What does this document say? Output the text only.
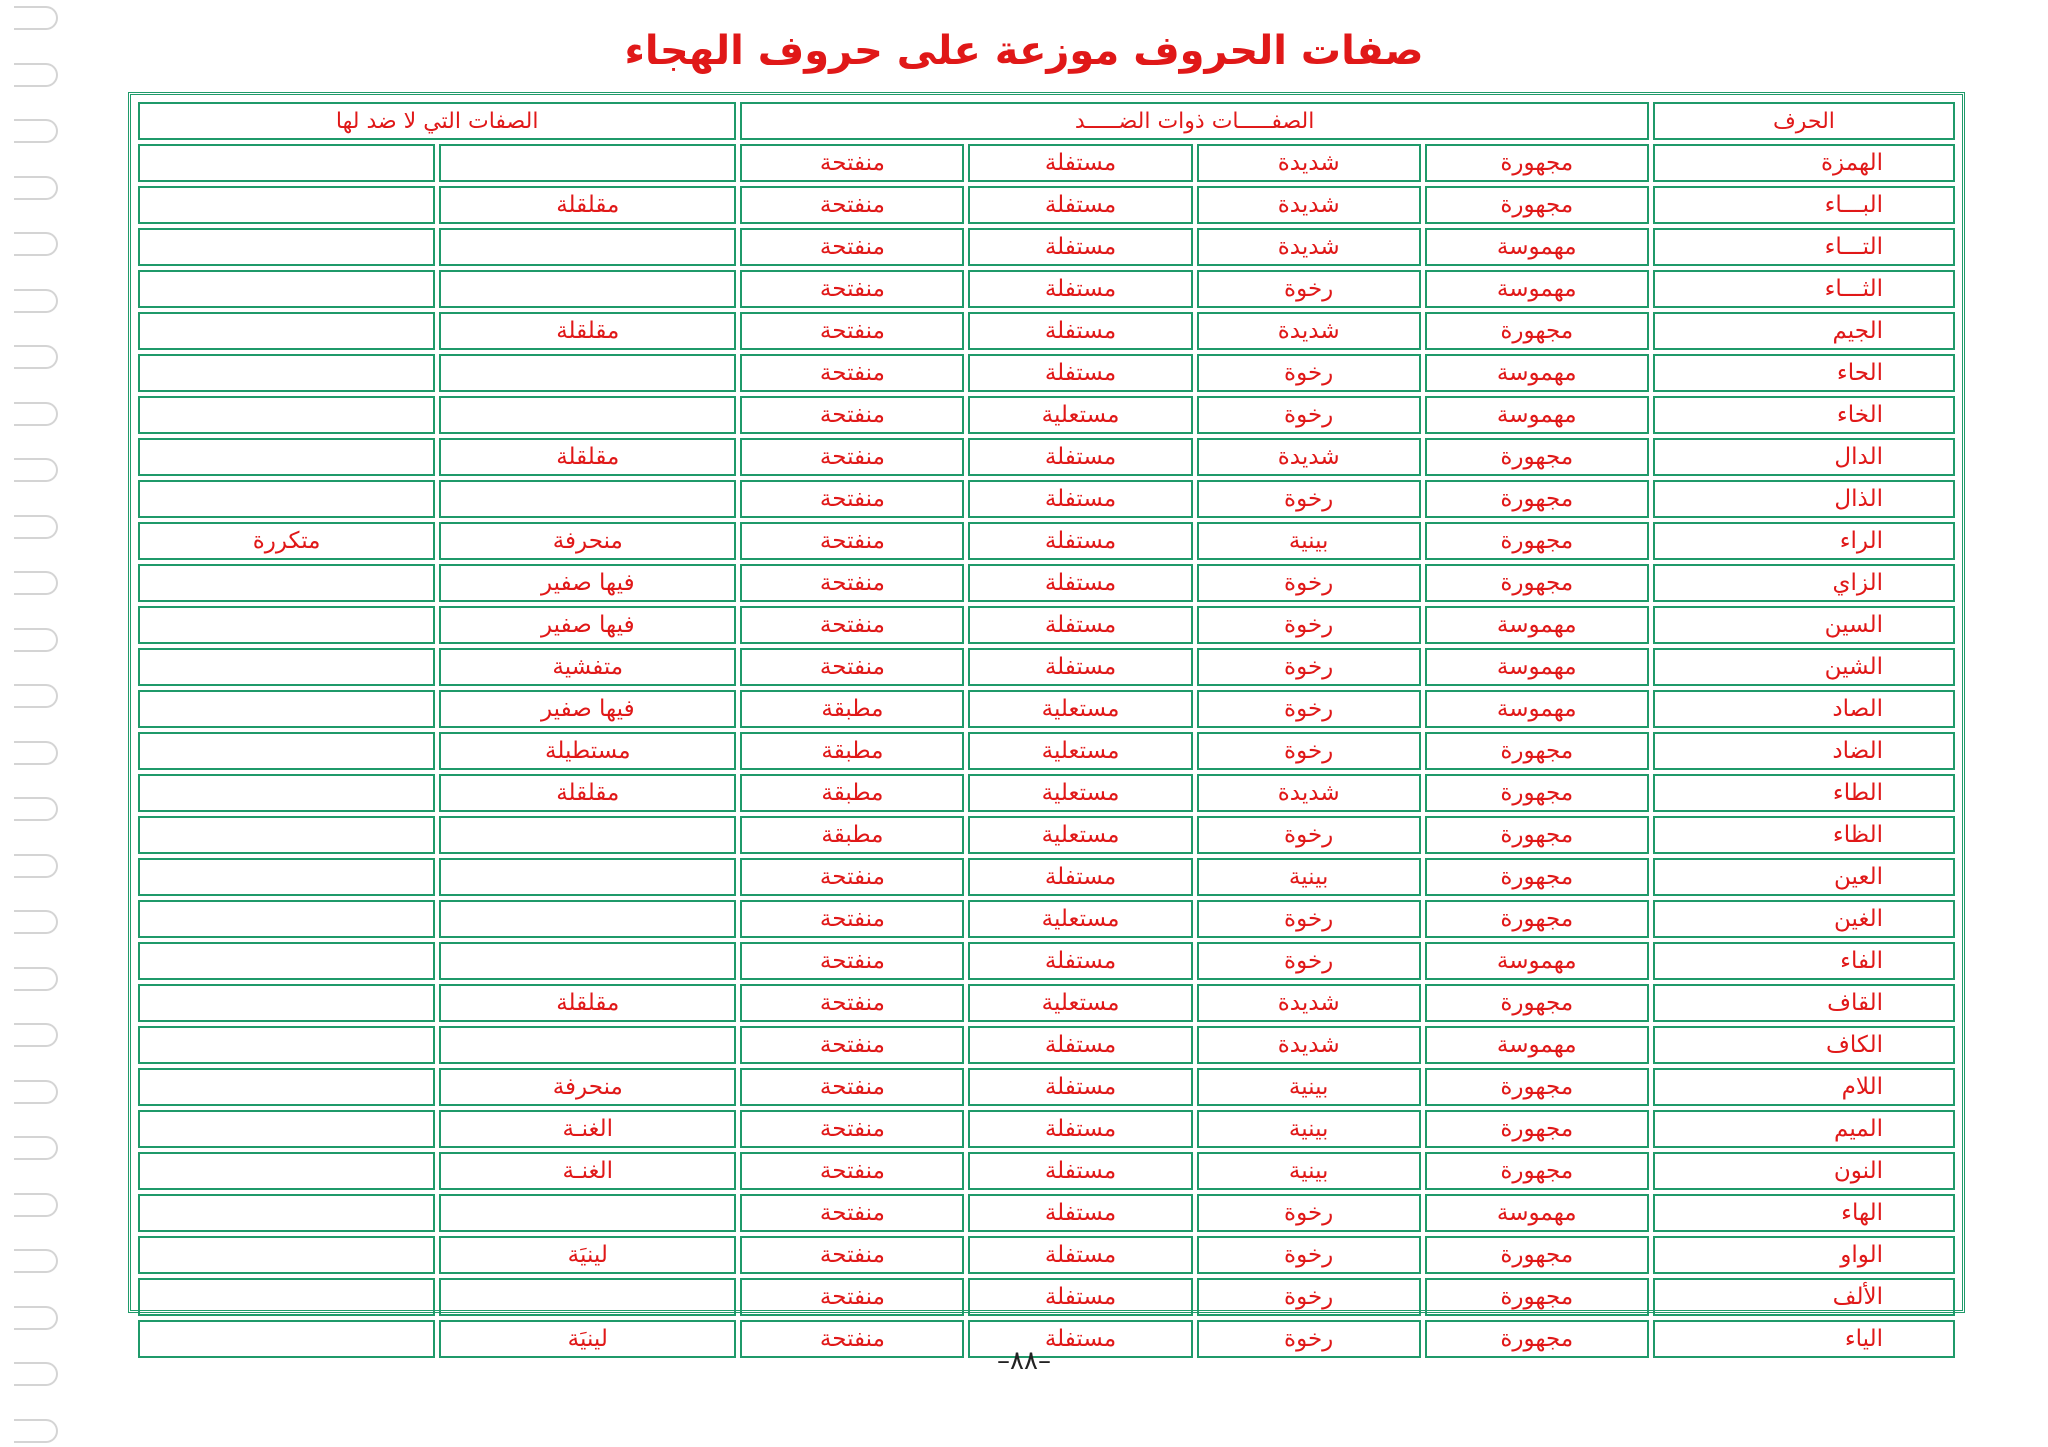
صفات الحروف موزعة على حروف الهجاء
الحرف	الصفـــــات ذوات الضـــــد				الصفات التي لا ضد لها	
الهمزة	مجهورة	شديدة	مستفلة	منفتحة		
البـــاء	مجهورة	شديدة	مستفلة	منفتحة	مقلقلة	
التـــاء	مهموسة	شديدة	مستفلة	منفتحة		
الثـــاء	مهموسة	رخوة	مستفلة	منفتحة		
الجيم	مجهورة	شديدة	مستفلة	منفتحة	مقلقلة	
الحاء	مهموسة	رخوة	مستفلة	منفتحة		
الخاء	مهموسة	رخوة	مستعلية	منفتحة		
الدال	مجهورة	شديدة	مستفلة	منفتحة	مقلقلة	
الذال	مجهورة	رخوة	مستفلة	منفتحة		
الراء	مجهورة	بينية	مستفلة	منفتحة	منحرفة	متكررة
الزاي	مجهورة	رخوة	مستفلة	منفتحة	فيها صفير	
السين	مهموسة	رخوة	مستفلة	منفتحة	فيها صفير	
الشين	مهموسة	رخوة	مستفلة	منفتحة	متفشية	
الصاد	مهموسة	رخوة	مستعلية	مطبقة	فيها صفير	
الضاد	مجهورة	رخوة	مستعلية	مطبقة	مستطيلة	
الطاء	مجهورة	شديدة	مستعلية	مطبقة	مقلقلة	
الظاء	مجهورة	رخوة	مستعلية	مطبقة		
العين	مجهورة	بينية	مستفلة	منفتحة		
الغين	مجهورة	رخوة	مستعلية	منفتحة		
الفاء	مهموسة	رخوة	مستفلة	منفتحة		
القاف	مجهورة	شديدة	مستعلية	منفتحة	مقلقلة	
الكاف	مهموسة	شديدة	مستفلة	منفتحة		
اللام	مجهورة	بينية	مستفلة	منفتحة	منحرفة	
الميم	مجهورة	بينية	مستفلة	منفتحة	الغنـة	
النون	مجهورة	بينية	مستفلة	منفتحة	الغنـة	
الهاء	مهموسة	رخوة	مستفلة	منفتحة		
الواو	مجهورة	رخوة	مستفلة	منفتحة	لينيَة	
الألف	مجهورة	رخوة	مستفلة	منفتحة		
الياء	مجهورة	رخوة	مستفلة	منفتحة	لينيَة	
–٨٨–
